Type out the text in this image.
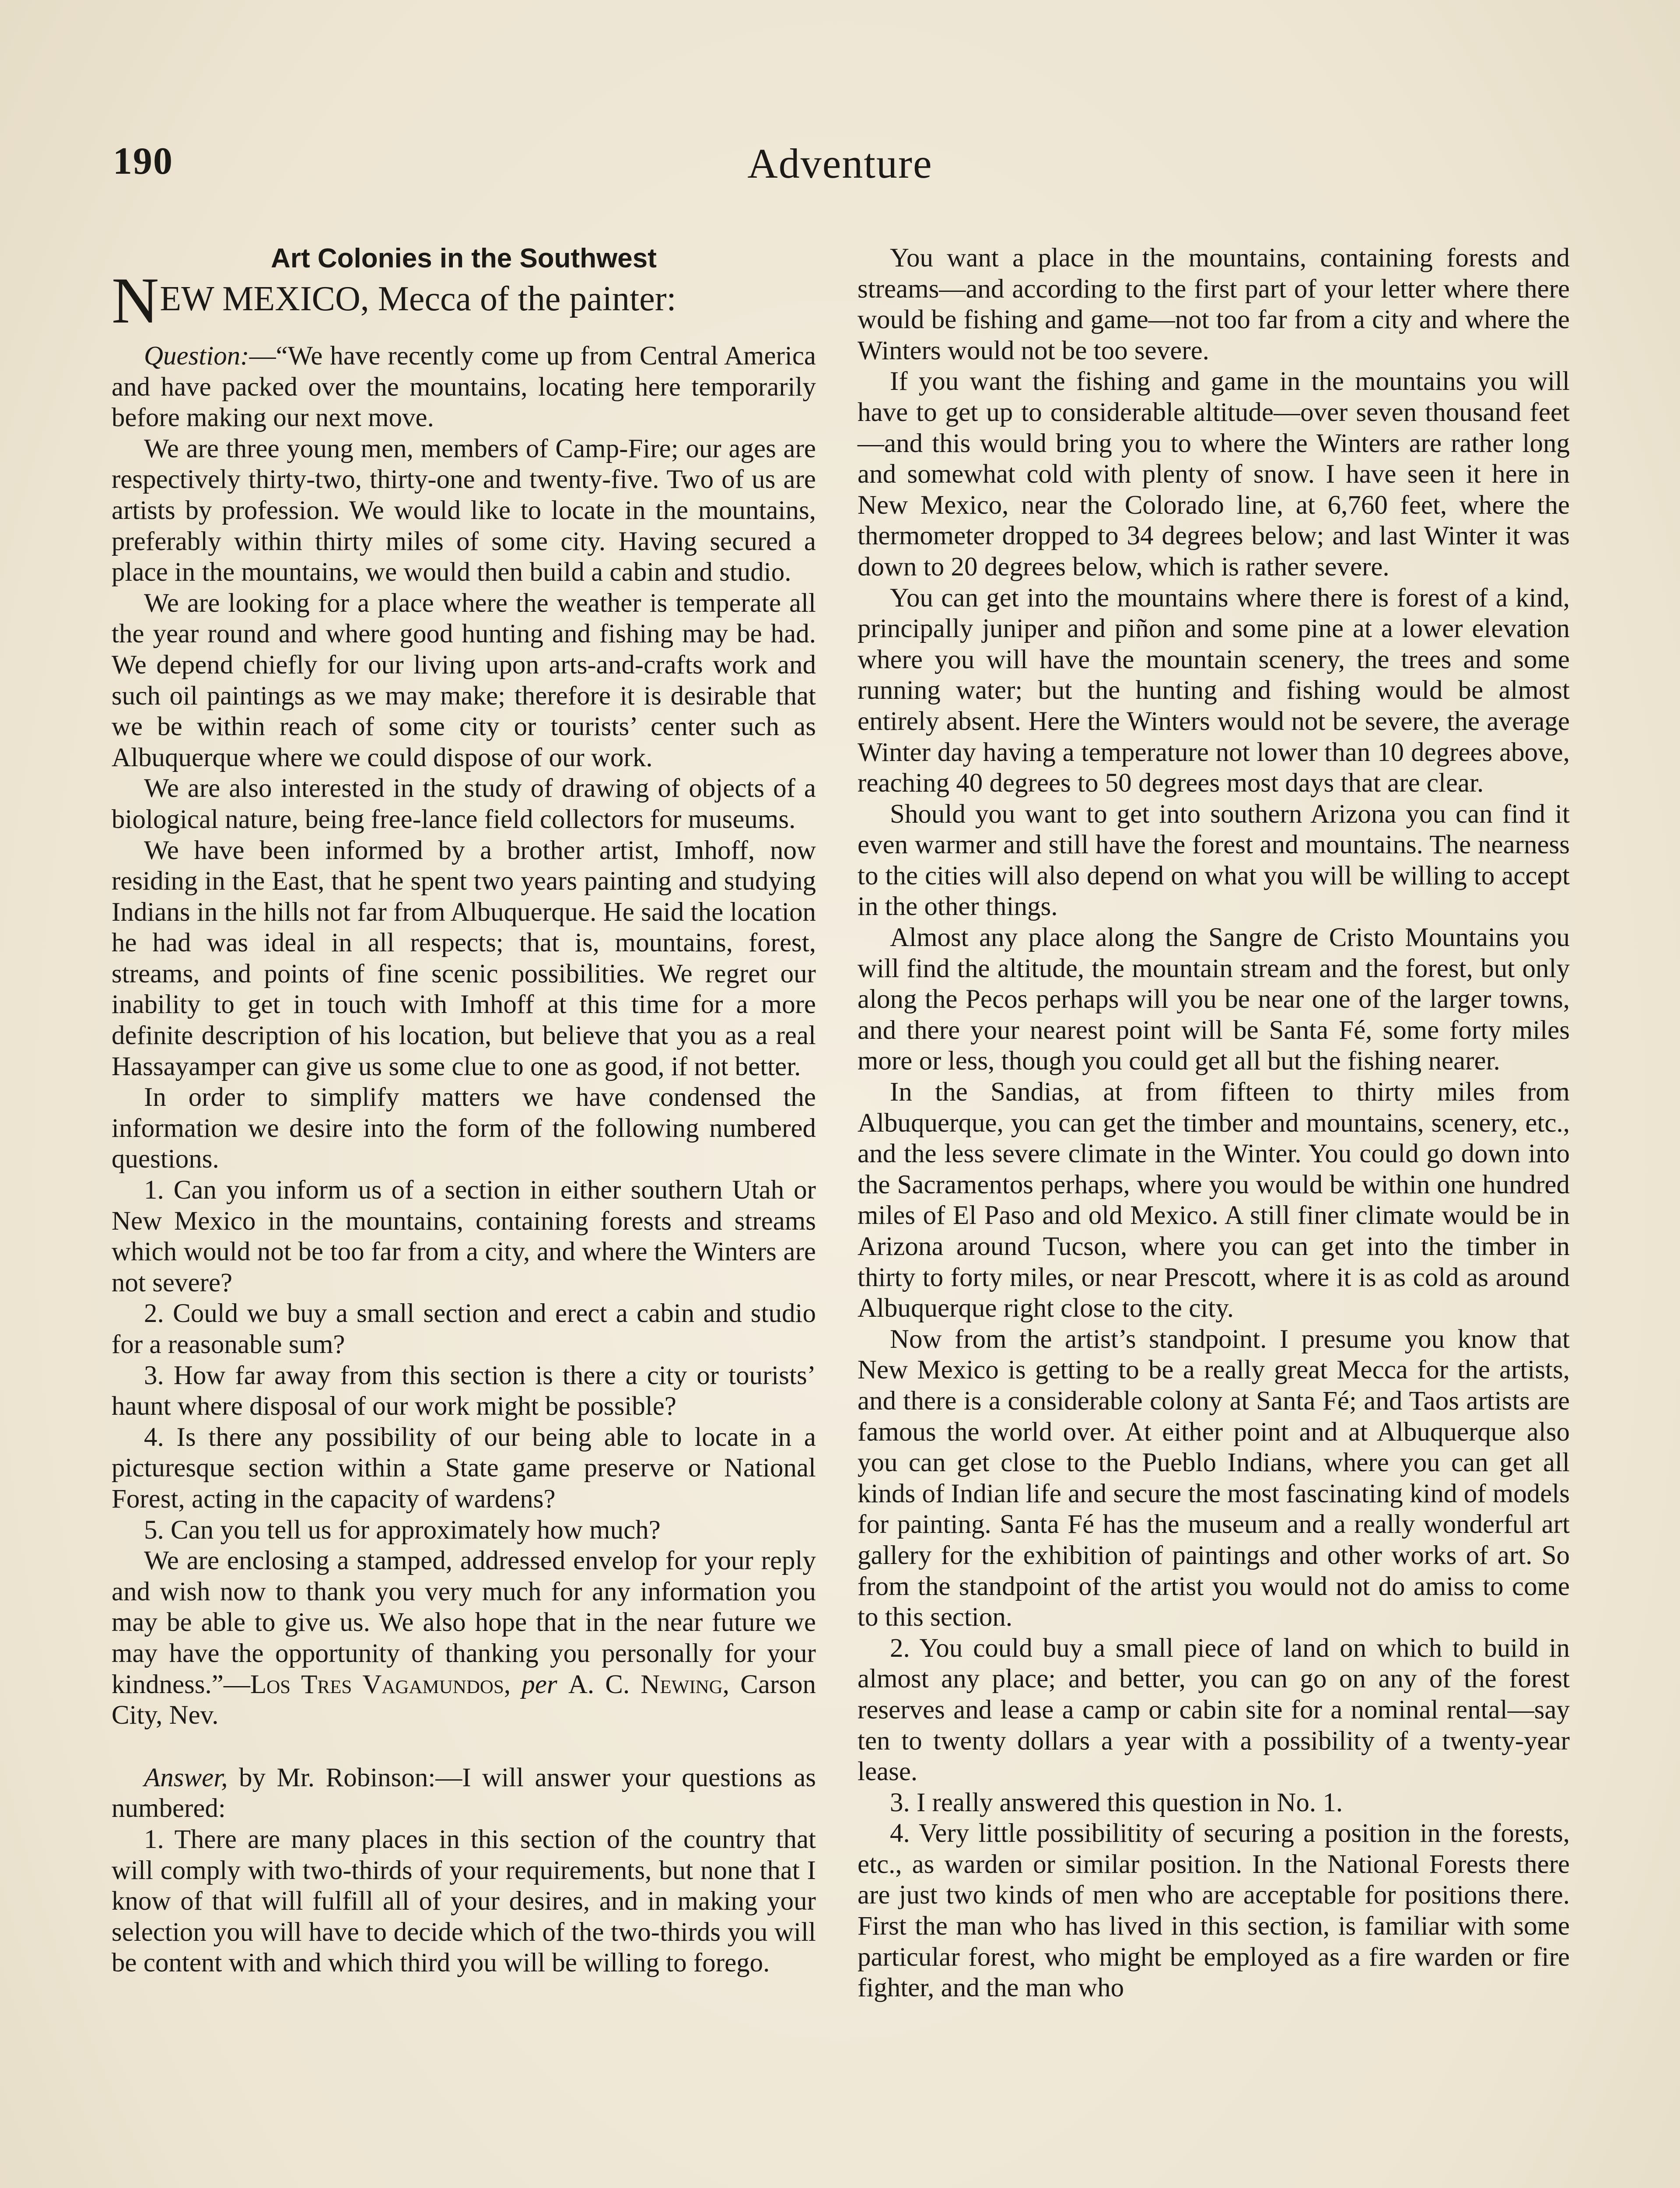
190	Adventure
Art Colonies in the Southwest

NEW MEXICO, Mecca of the painter:

Question:—“We have recently come up from Central America and have packed over the mountains, locating here temporarily before making our next move.

We are three young men, members of Camp-Fire; our ages are respectively thirty-two, thirty-one and twenty-five. Two of us are artists by profession. We would like to locate in the mountains, preferably within thirty miles of some city. Having secured a place in the mountains, we would then build a cabin and studio.

We are looking for a place where the weather is temperate all the year round and where good hunting and fishing may be had. We depend chiefly for our living upon arts-and-crafts work and such oil paintings as we may make; therefore it is desirable that we be within reach of some city or tourists’ center such as Albuquerque where we could dispose of our work.

We are also interested in the study of drawing of objects of a biological nature, being free-lance field collectors for museums.

We have been informed by a brother artist, Imhoff, now residing in the East, that he spent two years painting and studying Indians in the hills not far from Albuquerque. He said the location he had was ideal in all respects; that is, mountains, forest, streams, and points of fine scenic possibilities. We regret our inability to get in touch with Imhoff at this time for a more definite description of his location, but believe that you as a real Hassayamper can give us some clue to one as good, if not better.

In order to simplify matters we have condensed the information we desire into the form of the following numbered questions.

1. Can you inform us of a section in either southern Utah or New Mexico in the mountains, containing forests and streams which would not be too far from a city, and where the Winters are not severe?

2. Could we buy a small section and erect a cabin and studio for a reasonable sum?

3. How far away from this section is there a city or tourists’ haunt where disposal of our work might be possible?

4. Is there any possibility of our being able to locate in a picturesque section within a State game preserve or National Forest, acting in the capacity of wardens?

5. Can you tell us for approximately how much?

We are enclosing a stamped, addressed envelop for your reply and wish now to thank you very much for any information you may be able to give us. We also hope that in the near future we may have the opportunity of thanking you personally for your kindness.”—Los Tres Vagamundos, per A. C. Newing, Carson City, Nev.

Answer, by Mr. Robinson:—I will answer your questions as numbered:

1. There are many places in this section of the country that will comply with two-thirds of your requirements, but none that I know of that will fulfill all of your desires, and in making your selection you will have to decide which of the two-thirds you will be content with and which third you will be willing to forego.

You want a place in the mountains, containing forests and streams—and according to the first part of your letter where there would be fishing and game—not too far from a city and where the Winters would not be too severe.

If you want the fishing and game in the mountains you will have to get up to considerable altitude—over seven thousand feet—and this would bring you to where the Winters are rather long and somewhat cold with plenty of snow. I have seen it here in New Mexico, near the Colorado line, at 6,760 feet, where the thermometer dropped to 34 degrees below; and last Winter it was down to 20 degrees below, which is rather severe.

You can get into the mountains where there is forest of a kind, principally juniper and piñon and some pine at a lower elevation where you will have the mountain scenery, the trees and some running water; but the hunting and fishing would be almost entirely absent. Here the Winters would not be severe, the average Winter day having a temperature not lower than 10 degrees above, reaching 40 degrees to 50 degrees most days that are clear.

Should you want to get into southern Arizona you can find it even warmer and still have the forest and mountains. The nearness to the cities will also depend on what you will be willing to accept in the other things.

Almost any place along the Sangre de Cristo Mountains you will find the altitude, the mountain stream and the forest, but only along the Pecos perhaps will you be near one of the larger towns, and there your nearest point will be Santa Fé, some forty miles more or less, though you could get all but the fishing nearer.

In the Sandias, at from fifteen to thirty miles from Albuquerque, you can get the timber and mountains, scenery, etc., and the less severe climate in the Winter. You could go down into the Sacramentos perhaps, where you would be within one hundred miles of El Paso and old Mexico. A still finer climate would be in Arizona around Tucson, where you can get into the timber in thirty to forty miles, or near Prescott, where it is as cold as around Albuquerque right close to the city.

Now from the artist’s standpoint. I presume you know that New Mexico is getting to be a really great Mecca for the artists, and there is a considerable colony at Santa Fé; and Taos artists are famous the world over. At either point and at Albuquerque also you can get close to the Pueblo Indians, where you can get all kinds of Indian life and secure the most fascinating kind of models for painting. Santa Fé has the museum and a really wonderful art gallery for the exhibition of paintings and other works of art. So from the standpoint of the artist you would not do amiss to come to this section.

2. You could buy a small piece of land on which to build in almost any place; and better, you can go on any of the forest reserves and lease a camp or cabin site for a nominal rental—say ten to twenty dollars a year with a possibility of a twenty-year lease.

3. I really answered this question in No. 1.

4. Very little possibilitity of securing a position in the forests, etc., as warden or similar position. In the National Forests there are just two kinds of men who are acceptable for positions there. First the man who has lived in this section, is familiar with some particular forest, who might be employed as a fire warden or fire fighter, and the man who
